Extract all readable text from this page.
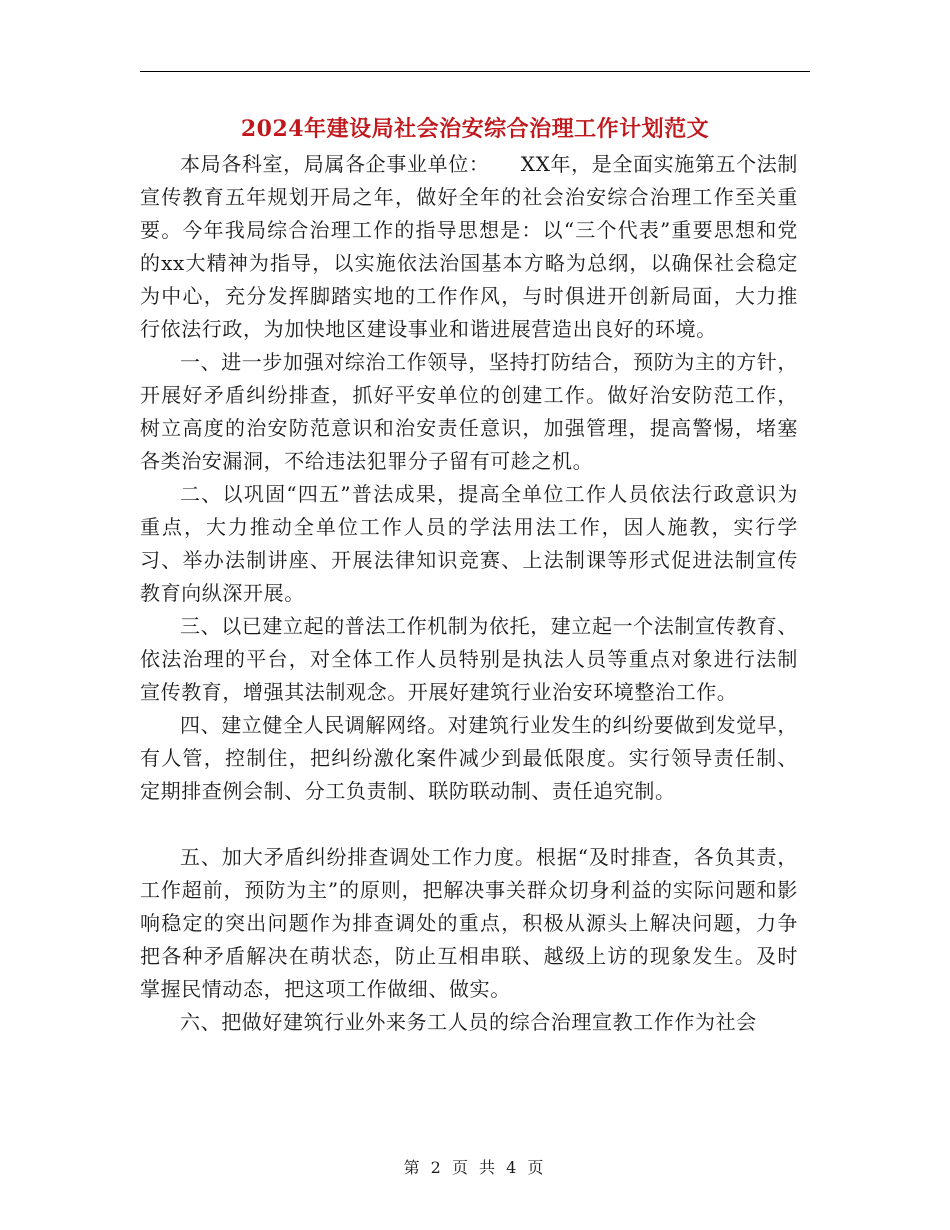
2024年建设局社会治安综合治理工作计划范文

本局各科室，局属各企事业单位：　　XX年，是全面实施第五个法制宣传教育五年规划开局之年，做好全年的社会治安综合治理工作至关重要。今年我局综合治理工作的指导思想是：以“三个代表”重要思想和党的xx大精神为指导，以实施依法治国基本方略为总纲，以确保社会稳定为中心，充分发挥脚踏实地的工作作风，与时俱进开创新局面，大力推行依法行政，为加快地区建设事业和谐进展营造出良好的环境。

一、进一步加强对综治工作领导，坚持打防结合，预防为主的方针，开展好矛盾纠纷排查，抓好平安单位的创建工作。做好治安防范工作，树立高度的治安防范意识和治安责任意识，加强管理，提高警惕，堵塞各类治安漏洞，不给违法犯罪分子留有可趁之机。

二、以巩固“四五”普法成果，提高全单位工作人员依法行政意识为重点，大力推动全单位工作人员的学法用法工作，因人施教，实行学习、举办法制讲座、开展法律知识竞赛、上法制课等形式促进法制宣传教育向纵深开展。

三、以已建立起的普法工作机制为依托，建立起一个法制宣传教育、依法治理的平台，对全体工作人员特别是执法人员等重点对象进行法制宣传教育，增强其法制观念。开展好建筑行业治安环境整治工作。

四、建立健全人民调解网络。对建筑行业发生的纠纷要做到发觉早，有人管，控制住，把纠纷激化案件减少到最低限度。实行领导责任制、定期排查例会制、分工负责制、联防联动制、责任追究制。

五、加大矛盾纠纷排查调处工作力度。根据“及时排查，各负其责，工作超前，预防为主”的原则，把解决事关群众切身利益的实际问题和影响稳定的突出问题作为排查调处的重点，积极从源头上解决问题，力争把各种矛盾解决在萌状态，防止互相串联、越级上访的现象发生。及时掌握民情动态，把这项工作做细、做实。

六、把做好建筑行业外来务工人员的综合治理宣教工作作为社会

第 2 页 共 4 页
